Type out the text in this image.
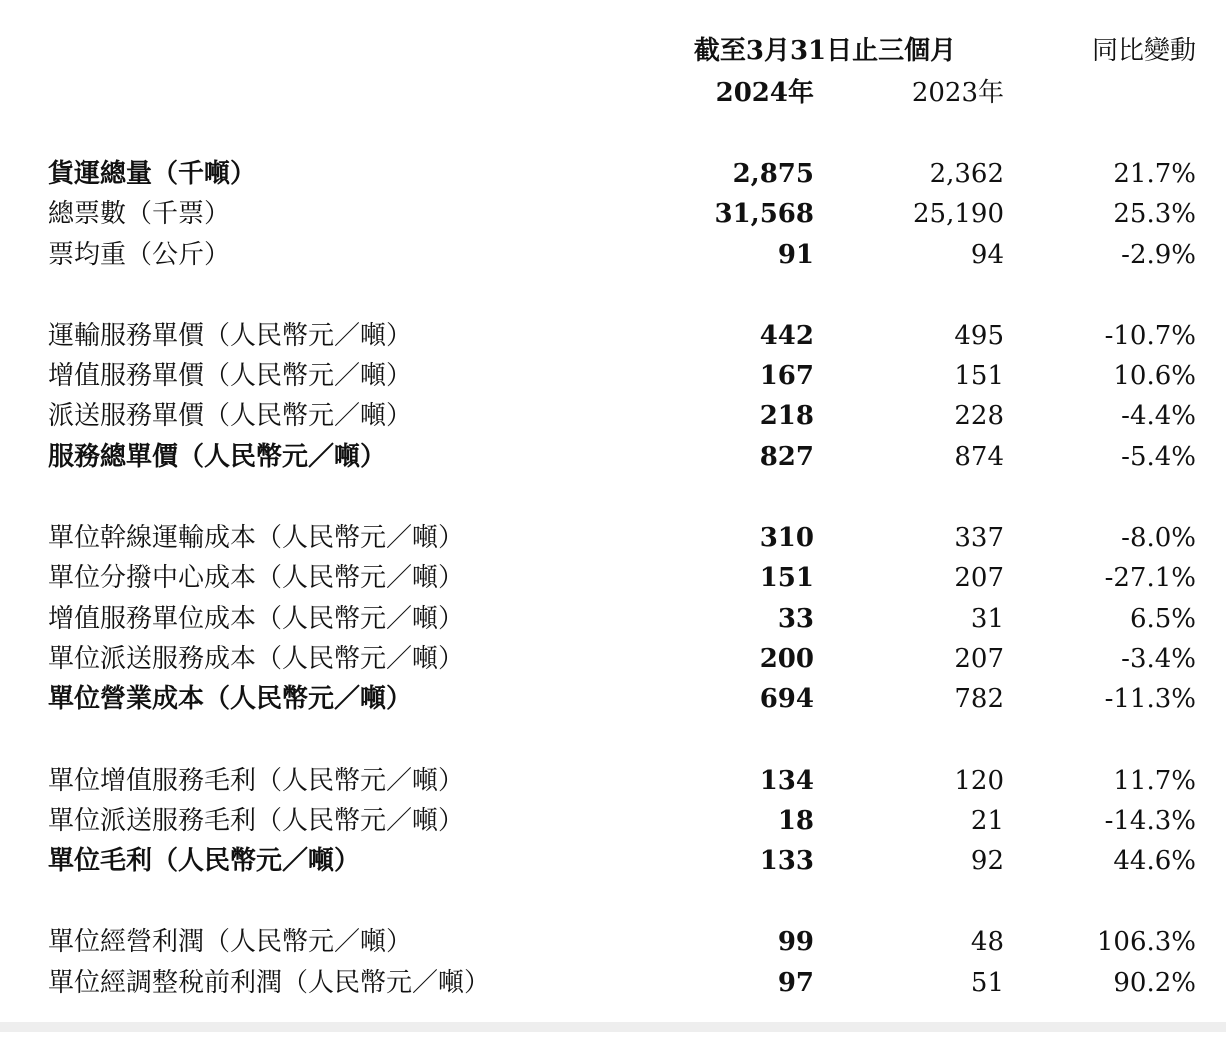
截至3月31日止三個月	同比變動
2024年	2023年
貨運總量（千噸）	2,875	2,362	21.7%
總票數（千票）	31,568	25,190	25.3%
票均重（公斤）	91	94	-2.9%
運輸服務單價（人民幣元／噸）	442	495	-10.7%
增值服務單價（人民幣元／噸）	167	151	10.6%
派送服務單價（人民幣元／噸）	218	228	-4.4%
服務總單價（人民幣元／噸）	827	874	-5.4%
單位幹線運輸成本（人民幣元／噸）	310	337	-8.0%
單位分撥中心成本（人民幣元／噸）	151	207	-27.1%
增值服務單位成本（人民幣元／噸）	33	31	6.5%
單位派送服務成本（人民幣元／噸）	200	207	-3.4%
單位營業成本（人民幣元／噸）	694	782	-11.3%
單位增值服務毛利（人民幣元／噸）	134	120	11.7%
單位派送服務毛利（人民幣元／噸）	18	21	-14.3%
單位毛利（人民幣元／噸）	133	92	44.6%
單位經營利潤（人民幣元／噸）	99	48	106.3%
單位經調整稅前利潤（人民幣元／噸）	97	51	90.2%
